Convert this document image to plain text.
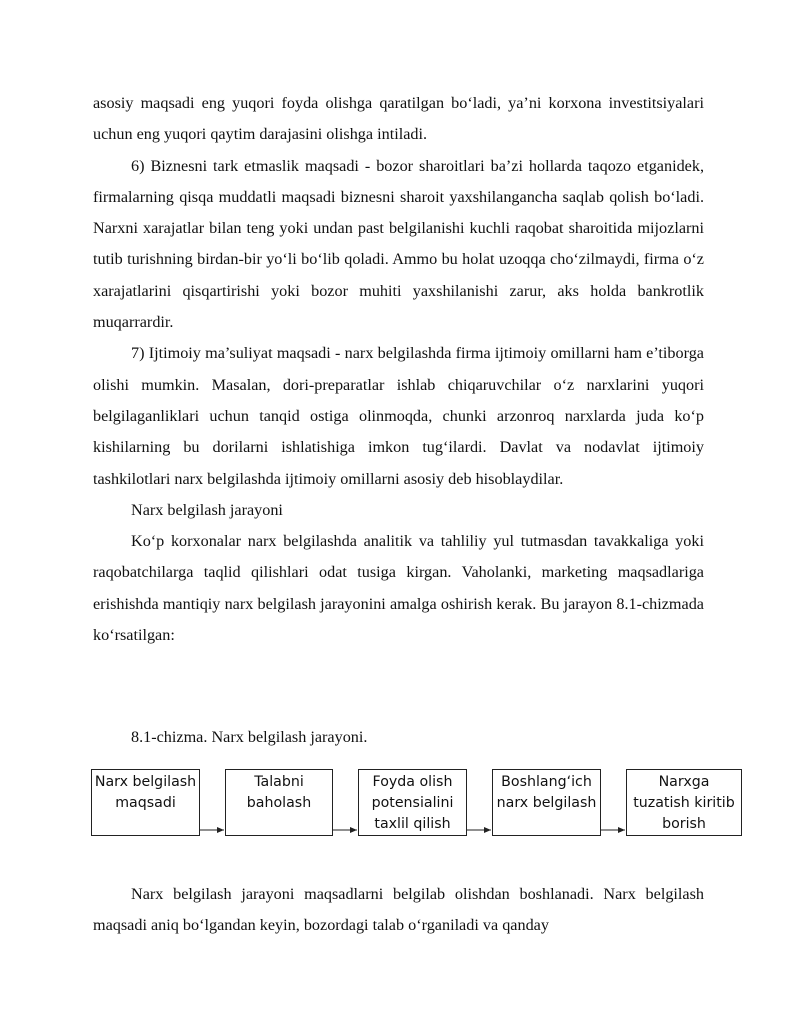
asosiy maqsadi eng yuqori foyda olishga qaratilgan bo‘ladi, ya’ni korxona investitsiyalari uchun eng yuqori qaytim darajasini olishga intiladi.

6) Biznesni tark etmaslik maqsadi - bozor sharoitlari ba’zi hollarda taqozo etganidek, firmalarning qisqa muddatli maqsadi biznesni sharoit yaxshilangancha saqlab qolish bo‘ladi. Narxni xarajatlar bilan teng yoki undan past belgilanishi kuchli raqobat sharoitida mijozlarni tutib turishning birdan-bir yo‘li bo‘lib qoladi. Ammo bu holat uzoqqa cho‘zilmaydi, firma o‘z xarajatlarini qisqartirishi yoki bozor muhiti yaxshilanishi zarur, aks holda bankrotlik muqarrardir.

7) Ijtimoiy ma’suliyat maqsadi - narx belgilashda firma ijtimoiy omillarni ham e’tiborga olishi mumkin. Masalan, dori-preparatlar ishlab chiqaruvchilar o‘z narxlarini yuqori belgilaganliklari uchun tanqid ostiga olinmoqda, chunki arzonroq narxlarda juda ko‘p kishilarning bu dorilarni ishlatishiga imkon tug‘ilardi. Davlat va nodavlat ijtimoiy tashkilotlari narx belgilashda ijtimoiy omillarni asosiy deb hisoblaydilar.

Narx belgilash jarayoni

Ko‘p korxonalar narx belgilashda analitik va tahliliy yul tutmasdan tavakkaliga yoki raqobatchilarga taqlid qilishlari odat tusiga kirgan. Vaholanki, marketing maqsadlariga erishishda mantiqiy narx belgilash jarayonini amalga oshirish kerak. Bu jarayon 8.1-chizmada ko‘rsatilgan:

8.1-chizma. Narx belgilash jarayoni.

Narx belgilash
maqsadi
Talabni
baholash
Foyda olish
potensialini
taxlil qilish
Boshlang‘ich
narx belgilash
Narxga
tuzatish kiritib
borish

Narx belgilash jarayoni maqsadlarni belgilab olishdan boshlanadi. Narx belgilash maqsadi aniq bo‘lgandan keyin, bozordagi talab o‘rganiladi va qanday
